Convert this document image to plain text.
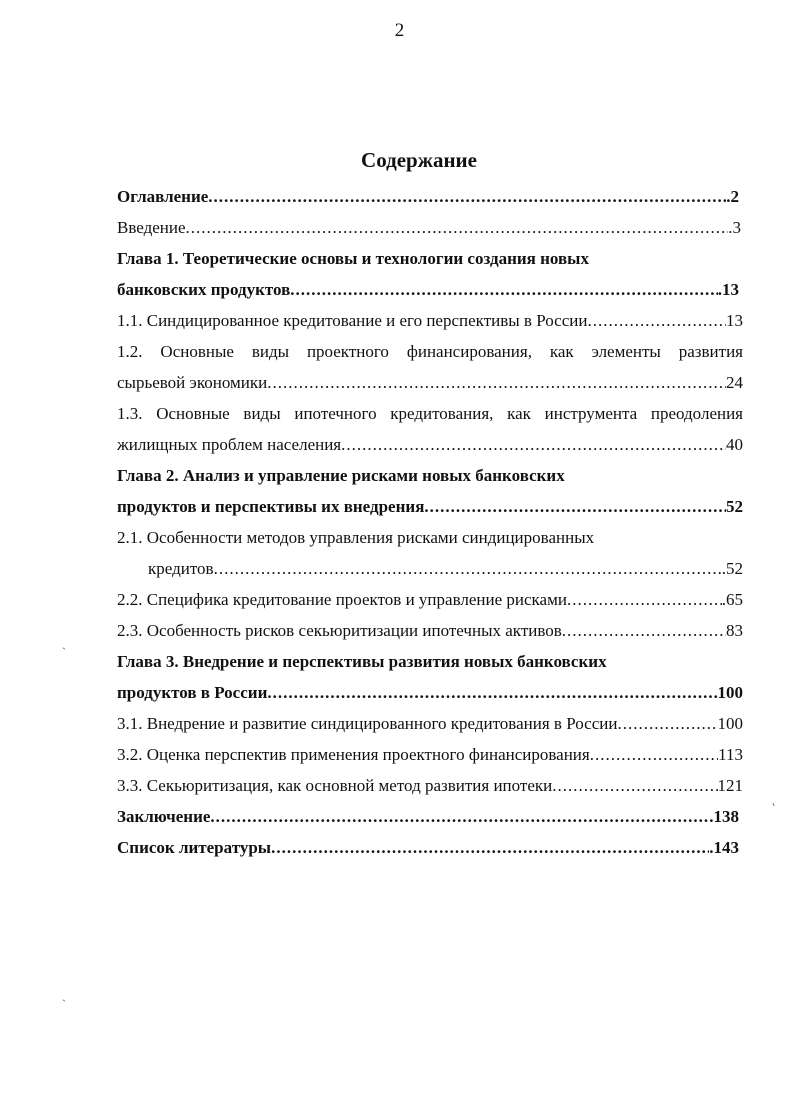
2
Содержание
Оглавление .....	.2
Введение .....	.3
Глава 1. Теоретические основы и технологии создания новых
банковских продуктов .....	.13
1.1. Синдицированное кредитование и его перспективы в России .....	13
1.2. Основные виды проектного финансирования, как элементы развития
сырьевой экономики .....	24
1.3. Основные виды ипотечного кредитования, как инструмента преодоления
жилищных проблем населения .....	40
Глава 2. Анализ и управление рисками новых банковских
продуктов и перспективы их внедрения .....	52
2.1. Особенности методов управления рисками синдицированных
кредитов .....	.52
2.2. Специфика кредитование проектов и управление рисками .....	.65
2.3. Особенность рисков секьюритизации ипотечных активов .....	83
Глава 3. Внедрение и перспективы развития новых банковских
продуктов в России .....	100
3.1. Внедрение и развитие синдицированного кредитования в России .....	100
3.2. Оценка перспектив применения проектного финансирования .....	113
3.3. Секьюритизация, как основной метод развития ипотеки .....	121
Заключение .....	.138
Список литературы .....	.143
ˏ
˛
ˏ
